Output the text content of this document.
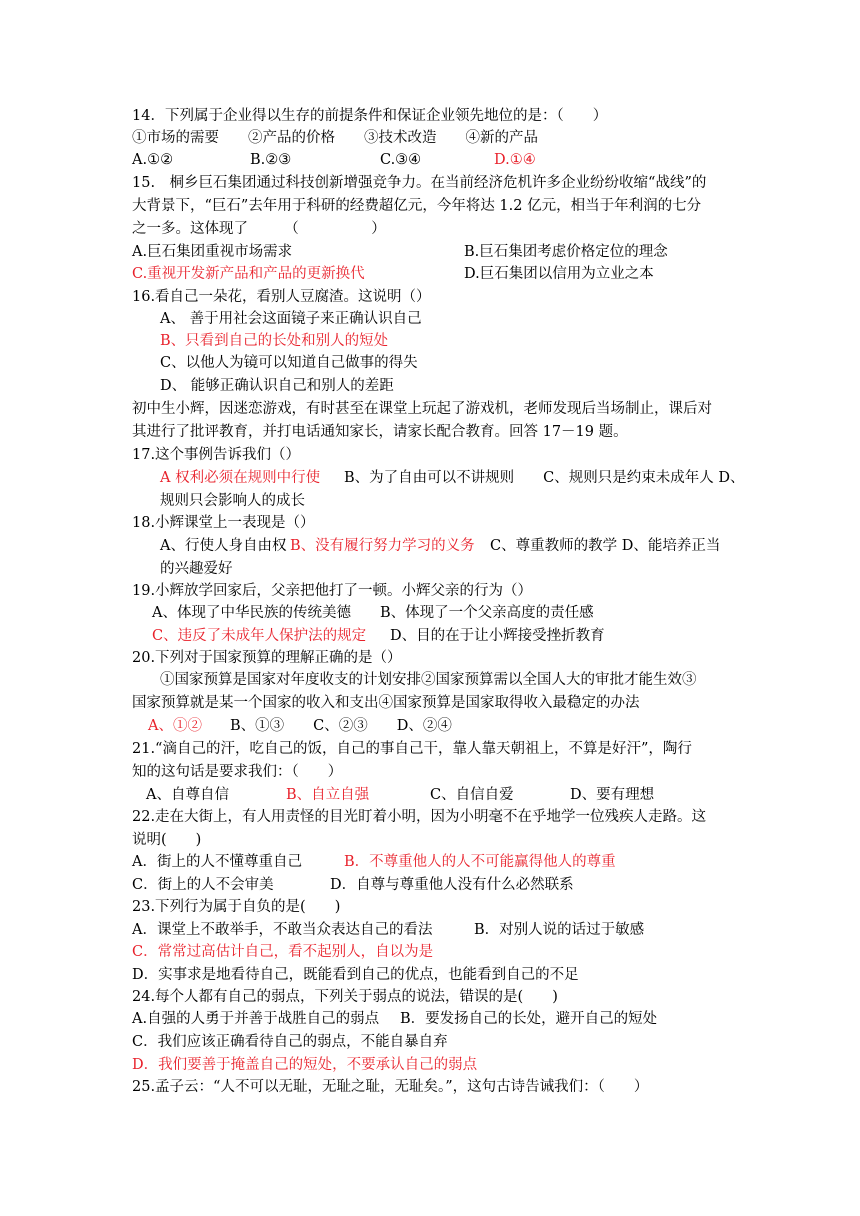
14．下列属于企业得以生存的前提条件和保证企业领先地位的是：（　　）
①市场的需要　　②产品的价格　　③技术改造　　④新的产品
A.①②	B.②③	C.③④	D.①④
15.　桐乡巨石集团通过科技创新增强竞争力。在当前经济危机许多企业纷纷收缩“战线”的
大背景下，“巨石”去年用于科研的经费超亿元，今年将达 1.2 亿元，相当于年利润的七分
之一多。这体现了　　　（　　　　　）
A.巨石集团重视市场需求	B.巨石集团考虑价格定位的理念
C.重视开发新产品和产品的更新换代	D.巨石集团以信用为立业之本
16.看自己一朵花，看别人豆腐渣。这说明（）
A、 善于用社会这面镜子来正确认识自己
B、只看到自己的长处和别人的短处
C、以他人为镜可以知道自己做事的得失
D、 能够正确认识自己和别人的差距
初中生小辉，因迷恋游戏，有时甚至在课堂上玩起了游戏机，老师发现后当场制止，课后对
其进行了批评教育，并打电话通知家长，请家长配合教育。回答 17－19 题。
17.这个事例告诉我们（）
A 权利必须在规则中行使 B、为了自由可以不讲规则　　C、规则只是约束未成年人 D、
规则只会影响人的成长
18.小辉课堂上一表现是（）
A、行使人身自由权 B、没有履行努力学习的义务 C、尊重教师的教学 D、能培养正当
的兴趣爱好
19.小辉放学回家后，父亲把他打了一顿。小辉父亲的行为（）
A、体现了中华民族的传统美德　　B、体现了一个父亲高度的责任感
C、违反了未成年人保护法的规定 D、目的在于让小辉接受挫折教育
20.下列对于国家预算的理解正确的是（）
①国家预算是国家对年度收支的计划安排②国家预算需以全国人大的审批才能生效③
国家预算就是某一个国家的收入和支出④国家预算是国家取得收入最稳定的办法
A、①② B、①③　　C、②③　　D、②④
21.“滴自己的汗，吃自己的饭，自己的事自己干，靠人靠天朝祖上，不算是好汗”，陶行
知的这句话是要求我们：（　　）
A、自尊自信	B、自立自强	C、自信自爱	D、要有理想
22.走在大街上，有人用责怪的目光盯着小明，因为小明毫不在乎地学一位残疾人走路。这
说明(　　)
A．街上的人不懂尊重自己	B．不尊重他人的人不可能赢得他人的尊重
C．街上的人不会审美	D．自尊与尊重他人没有什么必然联系
23.下列行为属于自负的是(　　)
A．课堂上不敢举手，不敢当众表达自己的看法	B．对别人说的话过于敏感
C．常常过高估计自己，看不起别人，自以为是
D．实事求是地看待自己，既能看到自己的优点，也能看到自己的不足
24.每个人都有自己的弱点，下列关于弱点的说法，错误的是(　　)
A.自强的人勇于并善于战胜自己的弱点 B．要发扬自己的长处，避开自己的短处
C．我们应该正确看待自己的弱点，不能自暴自弃
D．我们要善于掩盖自己的短处，不要承认自己的弱点
25.孟子云：“人不可以无耻，无耻之耻，无耻矣。”，这句古诗告诫我们：（　　）
